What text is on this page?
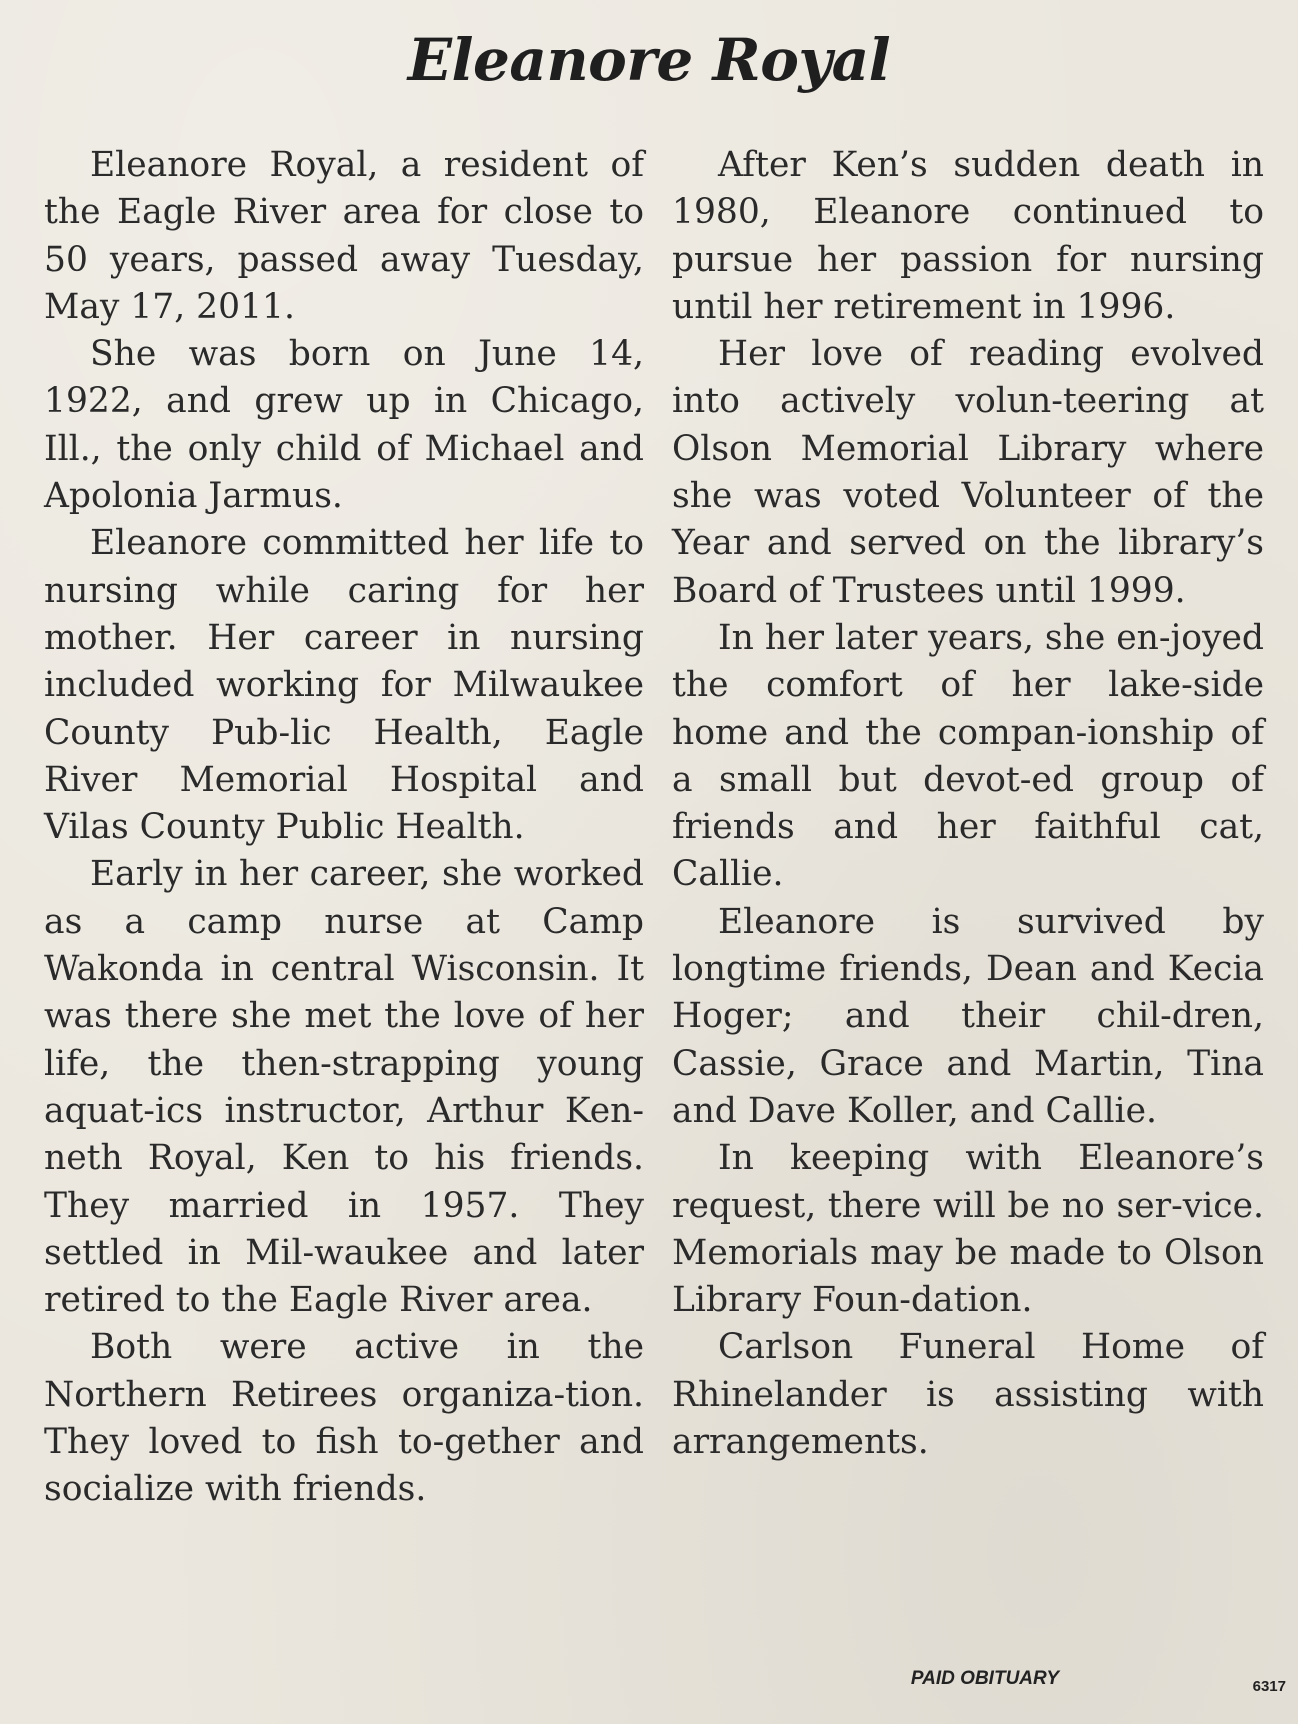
Eleanore Royal

Eleanore Royal, a resident of the Eagle River area for close to 50 years, passed away Tuesday, May 17, 2011.

She was born on June 14, 1922, and grew up in Chicago, Ill., the only child of Michael and Apolonia Jarmus.

Eleanore committed her life to nursing while caring for her mother. Her career in nursing included working for Milwaukee County Pub-lic Health, Eagle River Memorial Hospital and Vilas County Public Health.

Early in her career, she worked as a camp nurse at Camp Wakonda in central Wisconsin. It was there she met the love of her life, the then-strapping young aquat-ics instructor, Arthur Ken-neth Royal, Ken to his friends. They married in 1957. They settled in Mil-waukee and later retired to the Eagle River area.

Both were active in the Northern Retirees organiza-tion. They loved to fish to-gether and socialize with friends.

After Ken’s sudden death in 1980, Eleanore continued to pursue her passion for nursing until her retirement in 1996.

Her love of reading evolved into actively volun-teering at Olson Memorial Library where she was voted Volunteer of the Year and served on the library’s Board of Trustees until 1999.

In her later years, she en-joyed the comfort of her lake-side home and the compan-ionship of a small but devot-ed group of friends and her faithful cat, Callie.

Eleanore is survived by longtime friends, Dean and Kecia Hoger; and their chil-dren, Cassie, Grace and Martin, Tina and Dave Koller, and Callie.

In keeping with Eleanore’s request, there will be no ser-vice. Memorials may be made to Olson Library Foun-dation.

Carlson Funeral Home of Rhinelander is assisting with arrangements.

PAID OBITUARY	6317
